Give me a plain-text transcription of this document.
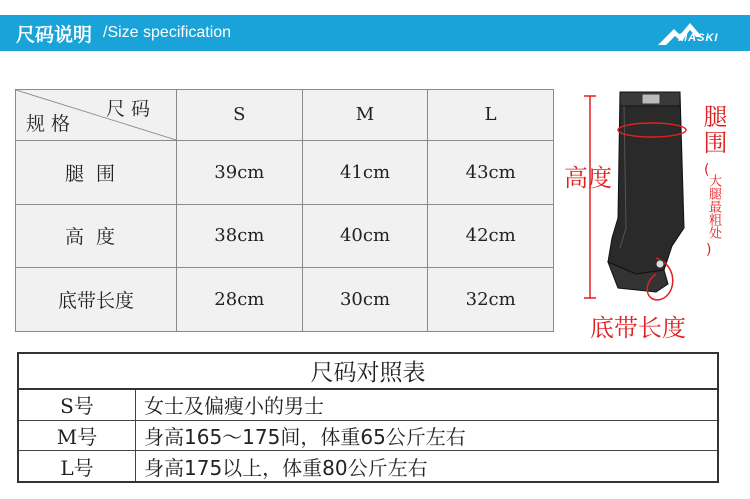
尺码说明 /Size specification	MASKI
尺码
规格	S	M	L
腿围	39cm	41cm	43cm
高度	38cm	40cm	42cm
底带长度	28cm	30cm	32cm
高度
腿围
(
大腿最粗处
)
底带长度
尺码对照表	
S号	女士及偏瘦小的男士
M号	身高165～175间，体重65公斤左右
L号	身高175以上，体重80公斤左右
